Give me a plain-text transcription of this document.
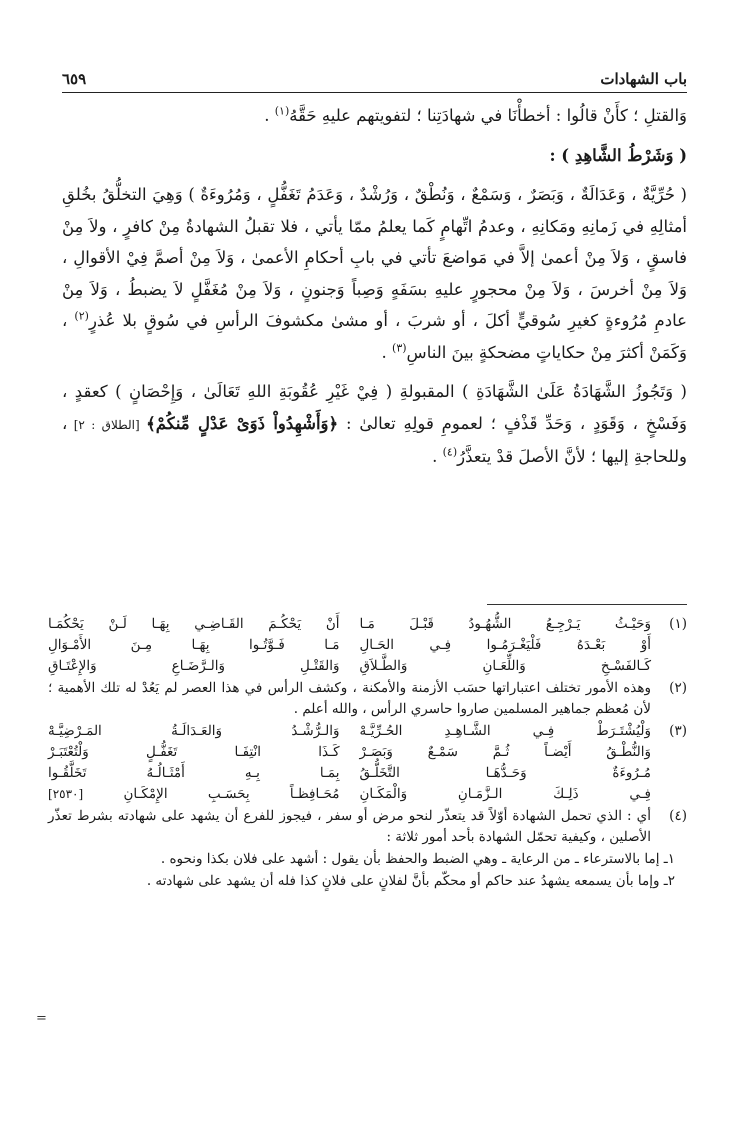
باب الشهادات
٦٥٩

وَالقتلِ ؛ كأَنْ قالُوا : أخطأْنَا في شهادَتِنا ؛ لتفويتهم عليهِ حَقَّهُ$^{(١)}$ .

( وَشَرْطُ الشَّاهِدِ ) :

( حُرِّيَّةٌ ، وَعَدَالَةٌ ، وَبَصَرٌ ، وَسَمْعٌ ، وَنُطْقٌ ، وَرُشْدٌ ، وَعَدَمُ تَغَفُّلٍ ، وَمُرُوءَةٌ ) وَهِيَ التخلُّقُ بخُلقِ أمثالِهِ في زَمانِهِ ومَكانِهِ ، وعدمُ اتِّهامٍ كَما يعلمُ ممّا يأتي ، فلا تقبلُ الشهادةُ مِنْ كافرٍ ، ولاَ مِنْ فاسقٍ ، وَلاَ مِنْ أعمىٰ إلاَّ في مَواضعَ تأتي في بابِ أحكامِ الأعمىٰ ، وَلاَ مِنْ أصمَّ فِيْ الأقوالِ ، وَلاَ مِنْ أخرسَ ، وَلاَ مِنْ محجورٍ عليهِ بسَفَهٍ وَصِباً وَجنونٍ ، وَلاَ مِنْ مُغَفَّلٍ لاَ يضبطُ ، وَلاَ مِنْ عادمِ مُرُوءةٍ كغيرِ سُوقيٍّ أكلَ ، أو شربَ ، أو مشىٰ مكشوفَ الرأسِ في سُوقٍ بلا عُذرٍ$^{(٢)}$ ، وَكَمَنْ أكثرَ مِنْ حكاياتٍ مضحكةٍ بينَ الناسِ$^{(٣)}$ .

( وَتَجُوزُ الشَّهَادَةُ عَلَىٰ الشَّهَادَةِ ) المقبولةِ ( فِيْ غَيْرِ عُقُوبَةِ اللهِ تَعَالَىٰ ، وَإِحْصَانٍ ) كعقدٍ ، وَفَسْخٍ ، وَقَوَدٍ ، وَحَدِّ قَذْفٍ ؛ لعمومِ قولِهِ تعالىٰ : ﴿وَأَشْهِدُواْ ذَوَىْ عَدْلٍ مِّنكُمْ﴾ [الطلاق : ٢] ، وللحاجةِ إليها ؛ لأنَّ الأصلَ قدْ يتعذَّرُ$^{(٤)}$ .

(١)
وَحَيْـثُ يَـرْجِـعُ الشُّهُـودُ قَبْـلَ مَـا
أَنْ يَحْكُـمَ القَـاضِـي بِهَـا لَـنْ يَحْكُمَـا
أَوْ بَعْـدَهُ فَلْيَغْـرَمُـوا فِـي الحَـالِ
مَـا فَـوَّتُـوا بِهَـا مِـنَ الأَمْـوَالِ
كَـالفَسْـخِ وَاللِّعَـانِ وَالطَّـلاَقِ
وَالقَتْـلِ وَالـرَّضَـاعِ وَالإِعْتَـاقِ
(٢)
وهذه الأمور تختلف اعتباراتها حسَب الأزمنة والأمكنة ، وكشف الرأس في هذا العصر لم يَعُدْ له تلك الأهمية ؛ لأن مُعظم جماهير المسلمين صاروا حاسري الرأس ، والله أعلم .
(٣)
وَلْيُشْتَـرَطْ فِـي الشَّـاهِـدِ الحُـرِّيَّـهْ
وَالـرُّشْـدُ وَالعَـدَالَـةُ المَـرْضِيَّـهْ
وَالنُّطْـقُ أَيْضـاً ثُـمَّ سَمْـعٌ وَبَصَـرْ
كَـذَا انْتِفَـا تَغَفُّـلٍ وَلْتُعْتَبَـرْ
مُـرُوءَةٌ وَحَـدُّهَـا التَّخَلُّـقُ
بِمَـا بِـهِ أَمْثَـالُـهُ تَخَلَّقُـوا
فِـي ذَلِـكَ الـزَّمَـانِ وَالْمَكَـانِ
مُحَـافِظـاً بِحَسَـبِ الإِمْكَـانِ [٢٥٣٠]
(٤)
أي : الذي تحمل الشهادة أوّلاً قد يتعذّر لنحو مرض أو سفر ، فيجوز للفرع أن يشهد على شهادته بشرط تعذّر الأصلين ، وكيفية تحمّل الشهادة بأحد أمور ثلاثة :
١ـ إما بالاسترعاء ـ من الرعاية ـ وهي الضبط والحفظ بأن يقول : أشهد على فلان بكذا ونحوه .
٢ـ وإما بأن يسمعه يشهدُ عند حاكم أو محكّم بأنَّ لفلانٍ على فلانٍ كذا فله أن يشهد على شهادته .
=
